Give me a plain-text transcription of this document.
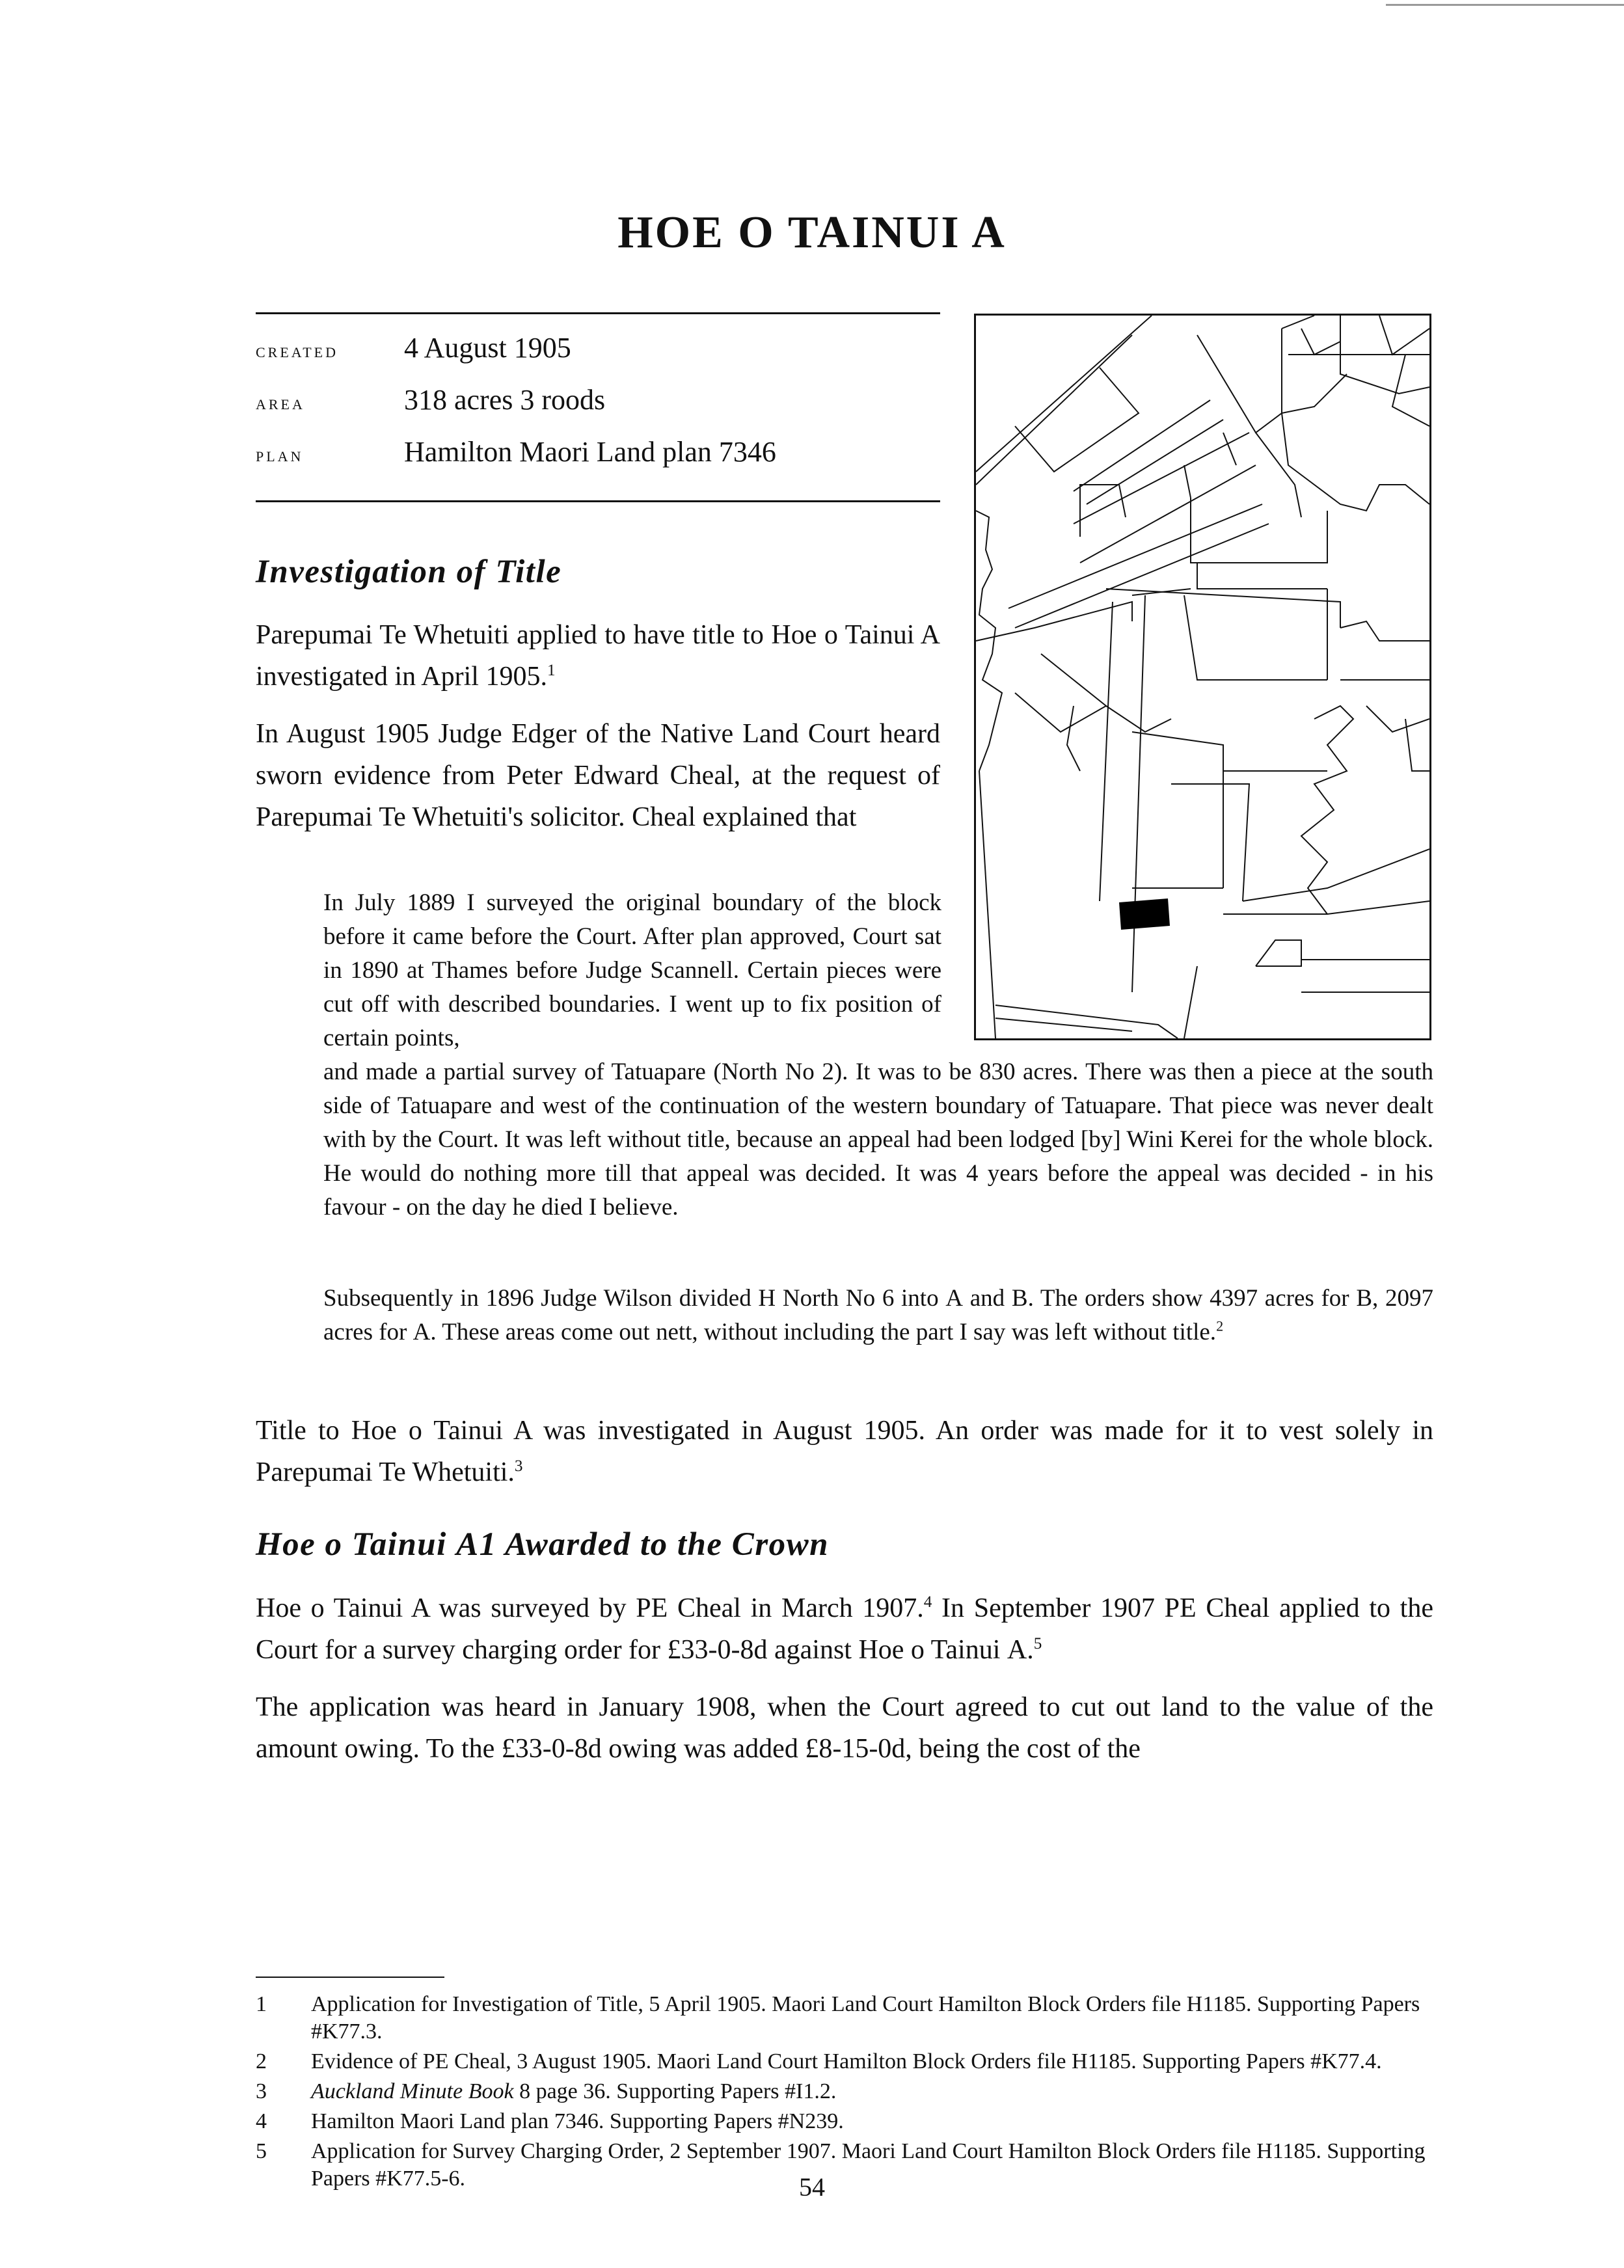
HOE O TAINUI A
created	4 August 1905
area	318 acres 3 roods
plan	Hamilton Maori Land plan 7346
Investigation of Title
Parepumai Te Whetuiti applied to have title to Hoe o Tainui A investigated in April 1905.$^1$
In August 1905 Judge Edger of the Native Land Court heard sworn evidence from Peter Edward Cheal, at the request of Parepumai Te Whetuiti's solicitor. Cheal explained that
In July 1889 I surveyed the original boundary of the block before it came before the Court. After plan approved, Court sat in 1890 at Thames before Judge Scannell. Certain pieces were cut off with described boundaries. I went up to fix position of certain points,
and made a partial survey of Tatuapare (North No 2). It was to be 830 acres. There was then a piece at the south side of Tatuapare and west of the continuation of the western boundary of Tatuapare. That piece was never dealt with by the Court. It was left without title, because an appeal had been lodged [by] Wini Kerei for the whole block. He would do nothing more till that appeal was decided. It was 4 years before the appeal was decided - in his favour - on the day he died I believe.
Subsequently in 1896 Judge Wilson divided H North No 6 into A and B. The orders show 4397 acres for B, 2097 acres for A. These areas come out nett, without including the part I say was left without title.$^2$
Title to Hoe o Tainui A was investigated in August 1905. An order was made for it to vest solely in Parepumai Te Whetuiti.$^3$
Hoe o Tainui A1 Awarded to the Crown
Hoe o Tainui A was surveyed by PE Cheal in March 1907.$^4$ In September 1907 PE Cheal applied to the Court for a survey charging order for £33-0-8d against Hoe o Tainui A.$^5$
The application was heard in January 1908, when the Court agreed to cut out land to the value of the amount owing. To the £33-0-8d owing was added £8-15-0d, being the cost of the
1	Application for Investigation of Title, 5 April 1905. Maori Land Court Hamilton Block Orders file H1185. Supporting Papers #K77.3.
2	Evidence of PE Cheal, 3 August 1905. Maori Land Court Hamilton Block Orders file H1185. Supporting Papers #K77.4.
3	Auckland Minute Book 8 page 36. Supporting Papers #I1.2.
4	Hamilton Maori Land plan 7346. Supporting Papers #N239.
5	Application for Survey Charging Order, 2 September 1907. Maori Land Court Hamilton Block Orders file H1185. Supporting Papers #K77.5-6.	54
